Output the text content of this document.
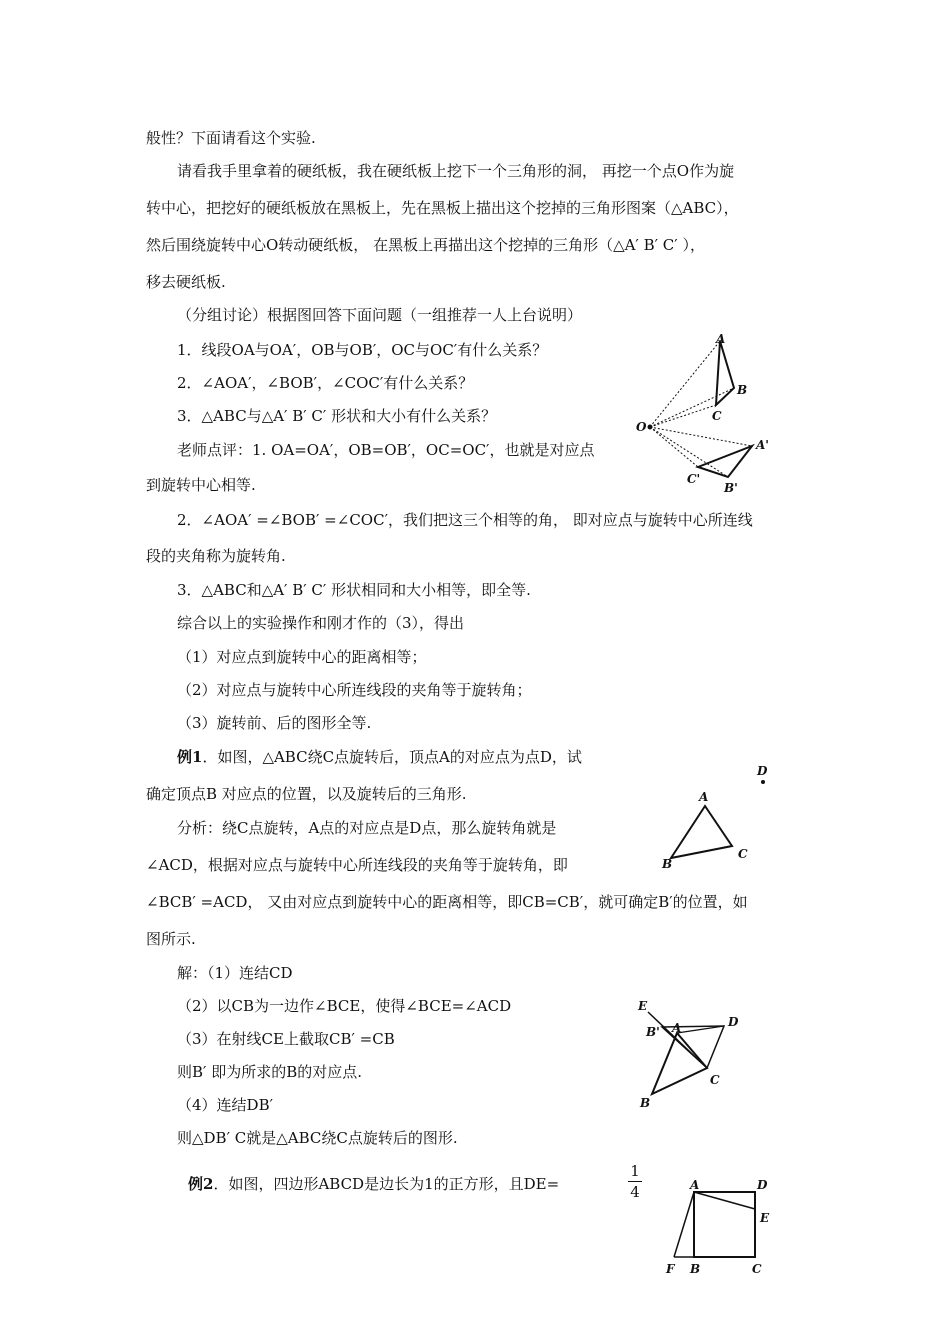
般性？下面请看这个实验.
请看我手里拿着的硬纸板，我在硬纸板上挖下一个三角形的洞， 再挖一个点O作为旋
转中心，把挖好的硬纸板放在黑板上，先在黑板上描出这个挖掉的三角形图案（△ABC），
然后围绕旋转中心O转动硬纸板， 在黑板上再描出这个挖掉的三角形（△A′ B′ C′ ），
移去硬纸板.
（分组讨论）根据图回答下面问题（一组推荐一人上台说明）
1．线段OA与OA′，OB与OB′，OC与OC′有什么关系？
2．∠AOA′，∠BOB′，∠COC′有什么关系？
3．△ABC与△A′ B′ C′ 形状和大小有什么关系？
老师点评：1. OA=OA′，OB=OB′，OC=OC′，也就是对应点
到旋转中心相等.
2．∠AOA′ =∠BOB′ =∠COC′，我们把这三个相等的角， 即对应点与旋转中心所连线
段的夹角称为旋转角.
3．△ABC和△A′ B′ C′ 形状相同和大小相等，即全等.
综合以上的实验操作和刚才作的（3），得出
（1）对应点到旋转中心的距离相等；
（2）对应点与旋转中心所连线段的夹角等于旋转角；
（3）旋转前、后的图形全等.
例1．如图，△ABC绕C点旋转后，顶点A的对应点为点D，试
确定顶点B 对应点的位置，以及旋转后的三角形.
分析：绕C点旋转，A点的对应点是D点，那么旋转角就是
∠ACD，根据对应点与旋转中心所连线段的夹角等于旋转角，即
∠BCB′ =ACD， 又由对应点到旋转中心的距离相等，即CB=CB′，就可确定B′的位置，如
图所示.
解：（1）连结CD
（2）以CB为一边作∠BCE，使得∠BCE=∠ACD
（3）在射线CE上截取CB′ =CB
则B′ 即为所求的B的对应点.
（4）连结DB′
则△DB′ C就是△ABC绕C点旋转后的图形.
例2．如图，四边形ABCD是边长为1的正方形，且DE=
1
4
A
B
C
O
A'
C'
B'
D
A
C
B
E
B' A	D
C
B
A	D
E
F B	C
